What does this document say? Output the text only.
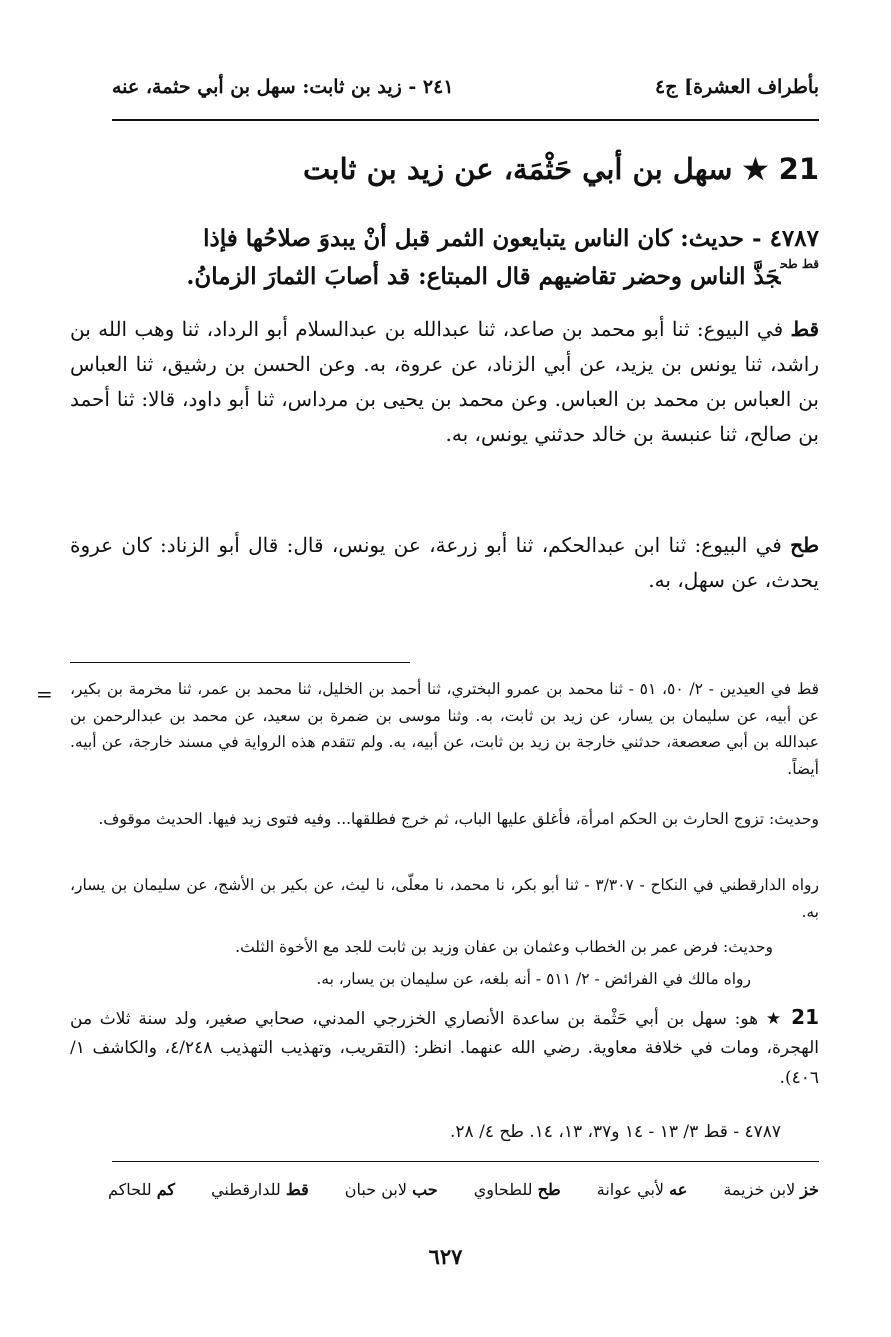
بأطراف العشرة] ج٤
٢٤١ - زيد بن ثابت: سهل بن أبي حثمة، عنه
21 ★ سهل بن أبي حَثْمَة، عن زيد بن ثابت
٤٧٨٧ - حديث: كان الناس يتبايعون الثمر قبل أنْ يبدوَ صلاحُها فإذا
$^{قط طح}$جَذَّ الناس وحضر تقاضيهم قال المبتاع: قد أصابَ الثمارَ الزمانُ.
قط في البيوع: ثنا أبو محمد بن صاعد، ثنا عبدالله بن عبدالسلام أبو الرداد، ثنا وهب الله بن راشد، ثنا يونس بن يزيد، عن أبي الزناد، عن عروة، به. وعن الحسن بن رشيق، ثنا العباس بن العباس بن محمد بن العباس. وعن محمد بن يحيى بن مرداس، ثنا أبو داود، قالا: ثنا أحمد بن صالح، ثنا عنبسة بن خالد حدثني يونس، به.
طح في البيوع: ثنا ابن عبدالحكم، ثنا أبو زرعة، عن يونس، قال: قال أبو الزناد: كان عروة يحدث، عن سهل، به.
= قط في العيدين - ٢/ ٥٠، ٥١ - ثنا محمد بن عمرو البختري، ثنا أحمد بن الخليل، ثنا محمد بن عمر، ثنا مخرمة بن بكير، عن أبيه، عن سليمان بن يسار، عن زيد بن ثابت، به. وثنا موسى بن ضمرة بن سعيد، عن محمد بن عبدالرحمن بن عبدالله بن أبي صعصعة، حدثني خارجة بن زيد بن ثابت، عن أبيه، به. ولم تتقدم هذه الرواية في مسند خارجة، عن أبيه. أيضاً.
وحديث: تزوج الحارث بن الحكم امرأة، فأغلق عليها الباب، ثم خرج فطلقها... وفيه فتوى زيد فيها. الحديث موقوف.
رواه الدارقطني في النكاح - ٣/٣٠٧ - ثنا أبو بكر، نا محمد، نا معلّى، نا ليث، عن بكير بن الأشج، عن سليمان بن يسار، به.
وحديث: فرض عمر بن الخطاب وعثمان بن عفان وزيد بن ثابت للجد مع الأخوة الثلث.
رواه مالك في الفرائض - ٢/ ٥١١ - أنه بلغه، عن سليمان بن يسار، به.
21 ★ هو: سهل بن أبي حَثْمة بن ساعدة الأنصاري الخزرجي المدني، صحابي صغير، ولد سنة ثلاث من الهجرة، ومات في خلافة معاوية. رضي الله عنهما. انظر: (التقريب، وتهذيب التهذيب ٤/٢٤٨، والكاشف ١/ ٤٠٦).
٤٧٨٧ - قط ٣/ ١٣ - ١٤ و٣٧، ١٣، ١٤. طح ٤/ ٢٨.
خز لابن خزيمة
عه لأبي عوانة
طح للطحاوي
حب لابن حبان
قط للدارقطني
كم للحاكم
٦٢٧
